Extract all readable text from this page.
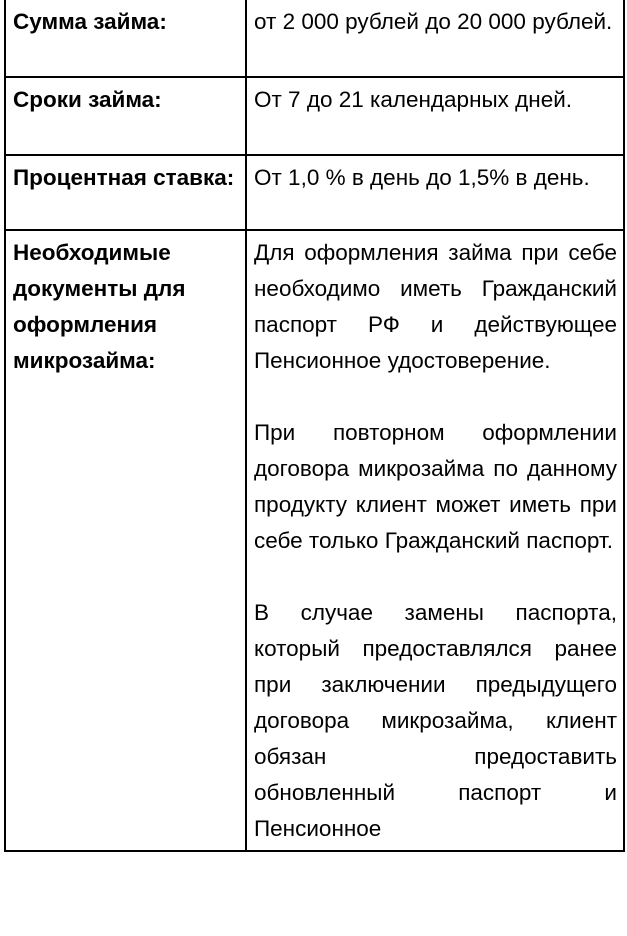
Сумма займа:	от 2 000 рублей до 20 000 рублей.
Сроки займа:	От 7 до 21 календарных дней.
Процентная ставка:	От 1,0 % в день до 1,5% в день.
Необходимые документы для оформления микрозайма:	Для оформления займа при себе необходимо иметь Гражданский паспорт РФ и действующее Пенсионное удостоверение.
При повторном оформлении договора микрозайма по данному продукту клиент может иметь при себе только Гражданский паспорт.
В случае замены паспорта, который предоставлялся ранее при заключении предыдущего договора микрозайма, клиент обязан предоставить обновленный паспорт и Пенсионное
